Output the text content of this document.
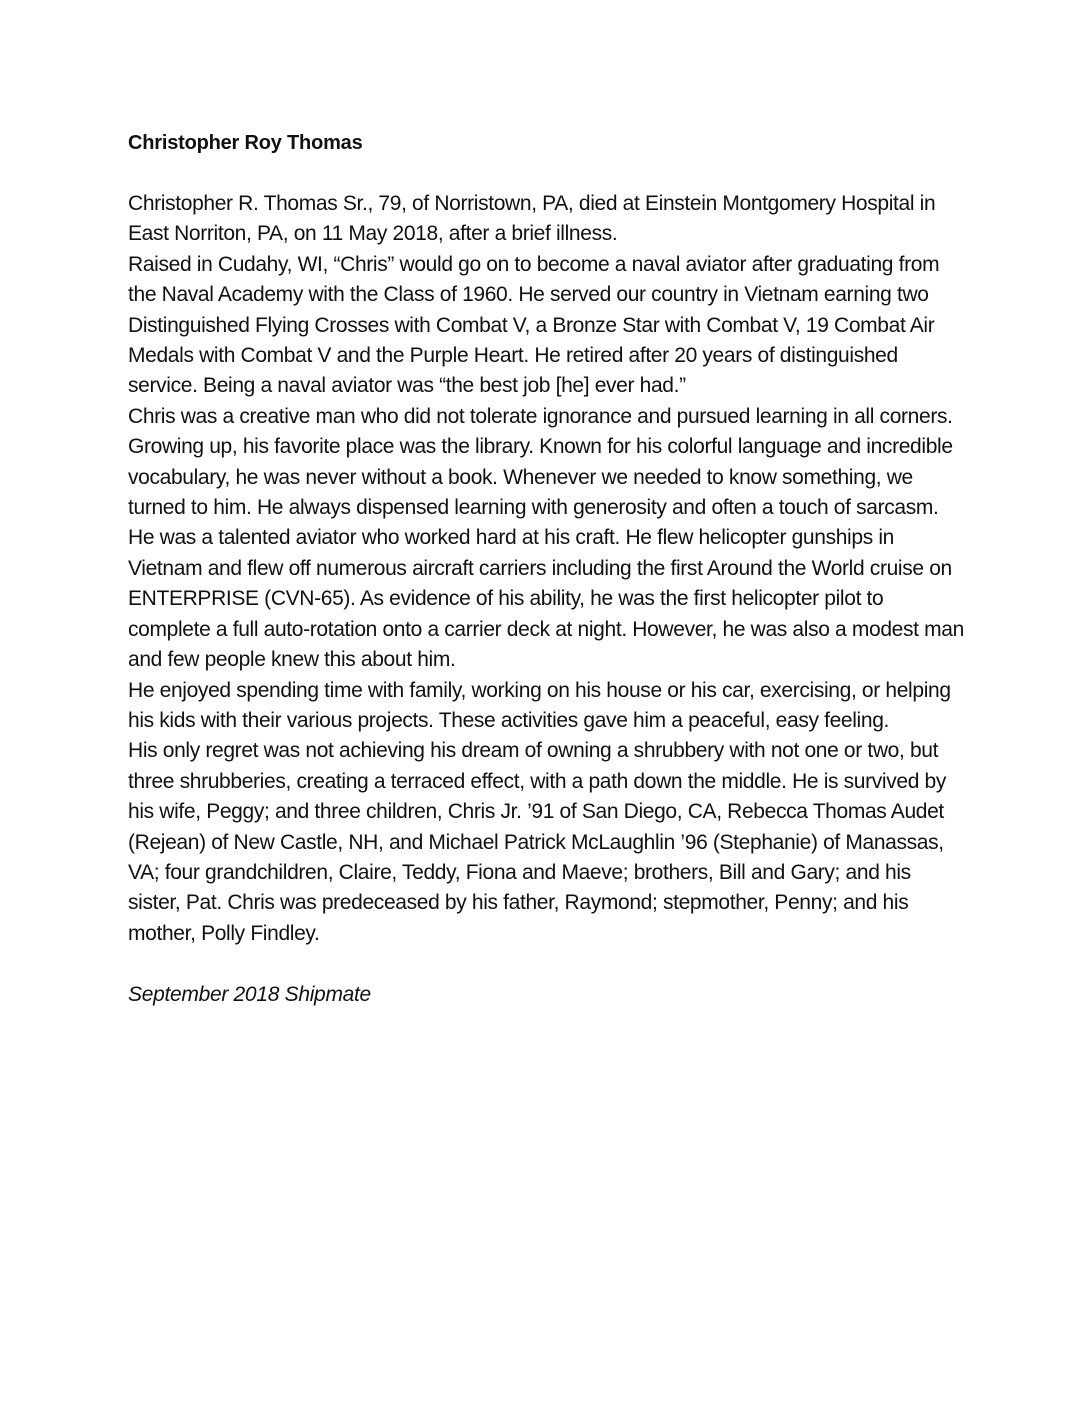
Christopher Roy Thomas

Christopher R. Thomas Sr., 79, of Norristown, PA, died at Einstein Montgomery Hospital in East Norriton, PA, on 11 May 2018, after a brief illness.

Raised in Cudahy, WI, “Chris” would go on to become a naval aviator after graduating from the Naval Academy with the Class of 1960. He served our country in Vietnam earning two Distinguished Flying Crosses with Combat V, a Bronze Star with Combat V, 19 Combat Air Medals with Combat V and the Purple Heart. He retired after 20 years of distinguished service. Being a naval aviator was “the best job [he] ever had.”

Chris was a creative man who did not tolerate ignorance and pursued learning in all corners. Growing up, his favorite place was the library. Known for his colorful language and incredible vocabulary, he was never without a book. Whenever we needed to know something, we turned to him. He always dispensed learning with generosity and often a touch of sarcasm.

He was a talented aviator who worked hard at his craft. He flew helicopter gunships in Vietnam and flew off numerous aircraft carriers including the first Around the World cruise on ENTERPRISE (CVN-65). As evidence of his ability, he was the first helicopter pilot to complete a full auto-rotation onto a carrier deck at night. However, he was also a modest man and few people knew this about him.

He enjoyed spending time with family, working on his house or his car, exercising, or helping his kids with their various projects. These activities gave him a peaceful, easy feeling.

His only regret was not achieving his dream of owning a shrubbery with not one or two, but three shrubberies, creating a terraced effect, with a path down the middle. He is survived by his wife, Peggy; and three children, Chris Jr. ’91 of San Diego, CA, Rebecca Thomas Audet (Rejean) of New Castle, NH, and Michael Patrick McLaughlin ’96 (Stephanie) of Manassas, VA; four grandchildren, Claire, Teddy, Fiona and Maeve; brothers, Bill and Gary; and his sister, Pat. Chris was predeceased by his father, Raymond; stepmother, Penny; and his mother, Polly Findley.

September 2018 Shipmate
